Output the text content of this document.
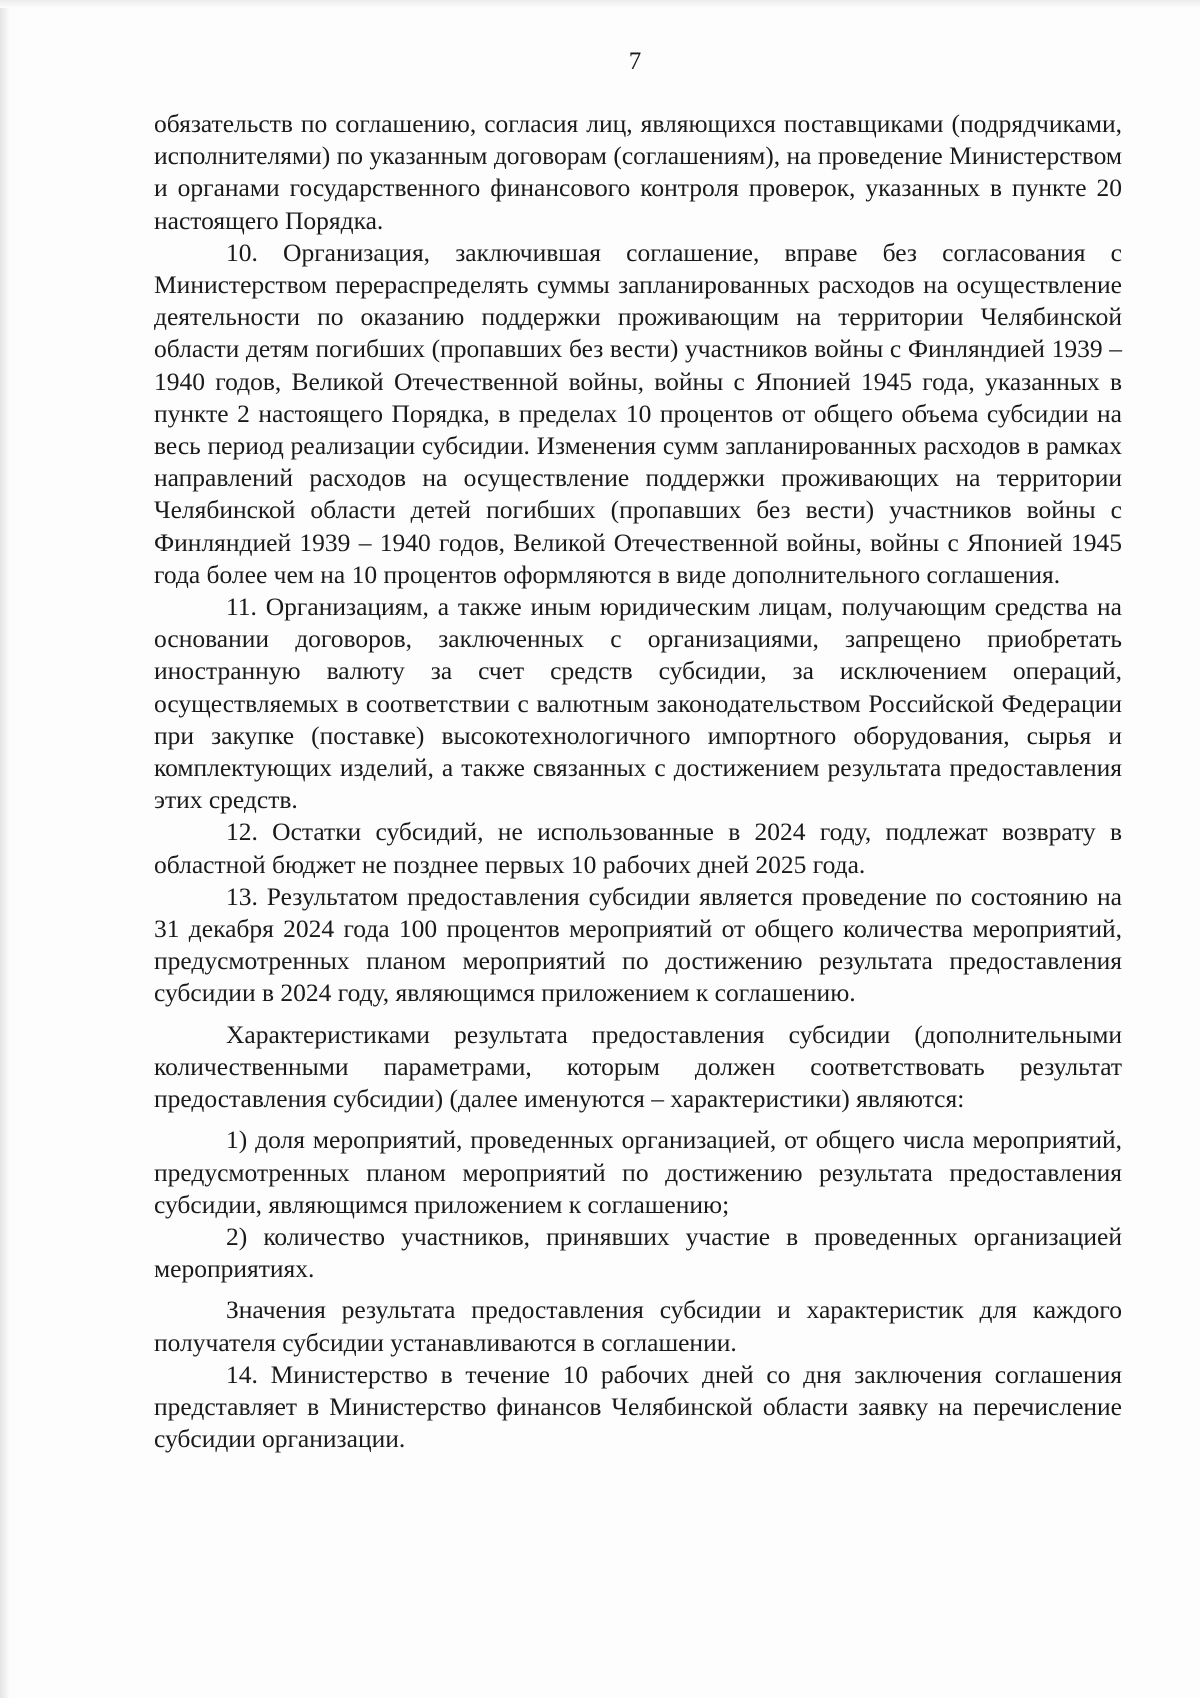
7

обязательств по соглашению, согласия лиц, являющихся поставщиками (подрядчиками, исполнителями) по указанным договорам (соглашениям), на проведение Министерством и органами государственного финансового контроля проверок, указанных в пункте 20 настоящего Порядка.

10. Организация, заключившая соглашение, вправе без согласования с Министерством перераспределять суммы запланированных расходов на осуществление деятельности по оказанию поддержки проживающим на территории Челябинской области детям погибших (пропавших без вести) участников войны с Финляндией 1939 – 1940 годов, Великой Отечественной войны, войны с Японией 1945 года, указанных в пункте 2 настоящего Порядка, в пределах 10 процентов от общего объема субсидии на весь период реализации субсидии. Изменения сумм запланированных расходов в рамках направлений расходов на осуществление поддержки проживающих на территории Челябинской области детей погибших (пропавших без вести) участников войны с Финляндией 1939 – 1940 годов, Великой Отечественной войны, войны с Японией 1945 года более чем на 10 процентов оформляются в виде дополнительного соглашения.

11. Организациям, а также иным юридическим лицам, получающим средства на основании договоров, заключенных с организациями, запрещено приобретать иностранную валюту за счет средств субсидии, за исключением операций, осуществляемых в соответствии с валютным законодательством Российской Федерации при закупке (поставке) высокотехнологичного импортного оборудования, сырья и комплектующих изделий, а также связанных с достижением результата предоставления этих средств.

12. Остатки субсидий, не использованные в 2024 году, подлежат возврату в областной бюджет не позднее первых 10 рабочих дней 2025 года.

13. Результатом предоставления субсидии является проведение по состоянию на 31 декабря 2024 года 100 процентов мероприятий от общего количества мероприятий, предусмотренных планом мероприятий по достижению результата предоставления субсидии в 2024 году, являющимся приложением к соглашению.

Характеристиками результата предоставления субсидии (дополнительными количественными параметрами, которым должен соответствовать результат предоставления субсидии) (далее именуются – характеристики) являются:

1) доля мероприятий, проведенных организацией, от общего числа мероприятий, предусмотренных планом мероприятий по достижению результата предоставления субсидии, являющимся приложением к соглашению;

2) количество участников, принявших участие в проведенных организацией мероприятиях.

Значения результата предоставления субсидии и характеристик для каждого получателя субсидии устанавливаются в соглашении.

14. Министерство в течение 10 рабочих дней со дня заключения соглашения представляет в Министерство финансов Челябинской области заявку на перечисление субсидии организации.
